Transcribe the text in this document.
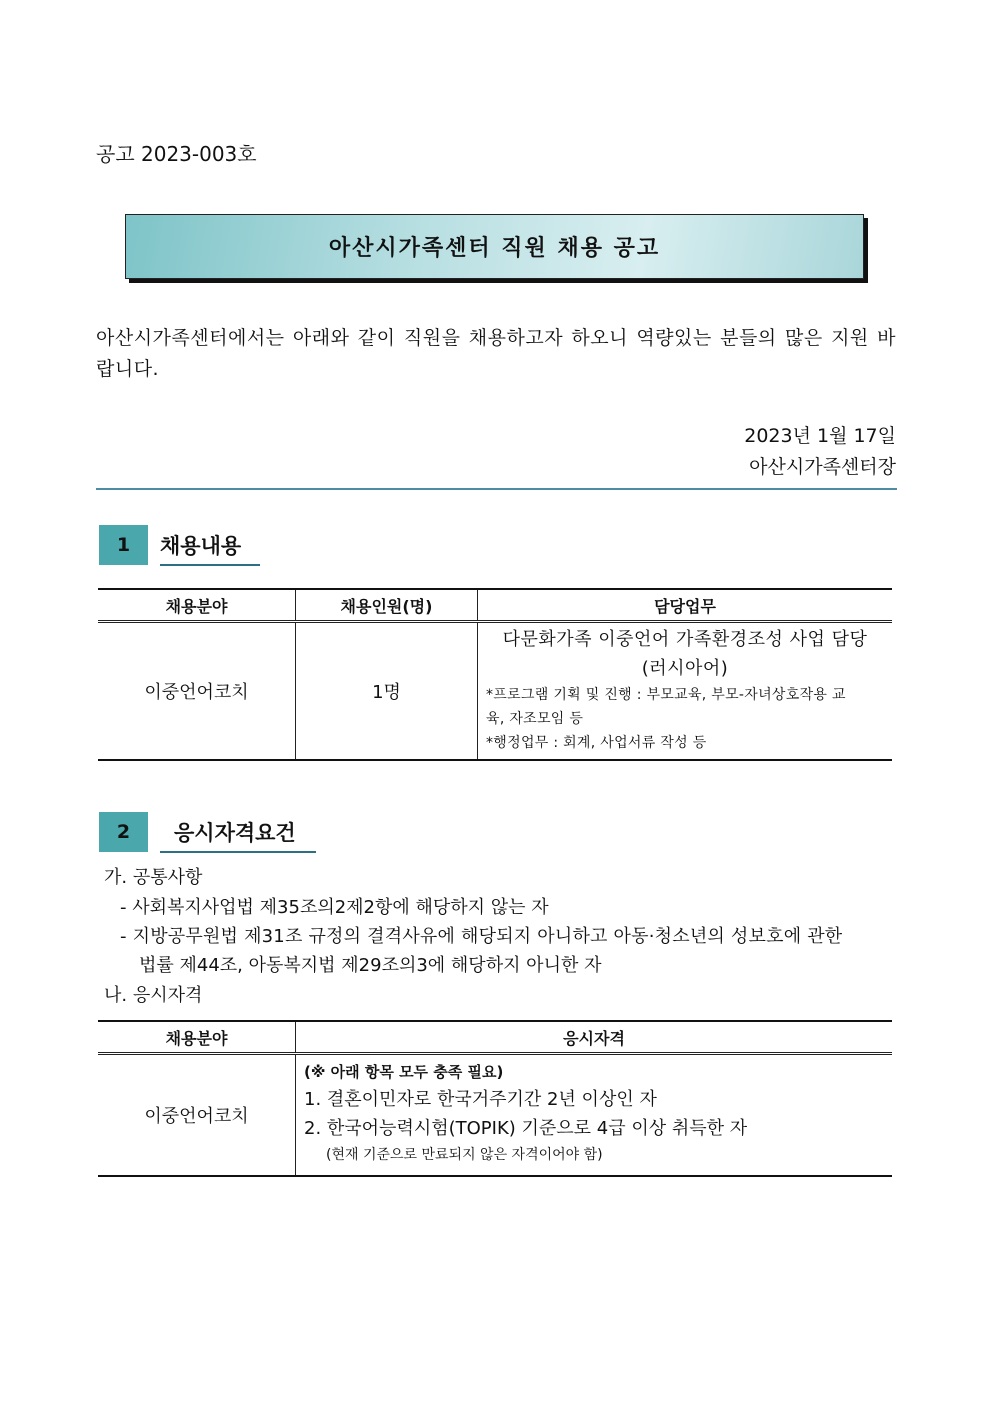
공고 2023-003호
아산시가족센터 직원 채용 공고
아산시가족센터에서는 아래와 같이 직원을 채용하고자 하오니 역량있는 분들의 많은 지원 바랍니다.
2023년 1월 17일
아산시가족센터장
1	채용내용
채용분야	채용인원(명)	담당업무
이중언어코치	1명	다문화가족 이중언어 가족환경조성 사업 담당
(러시아어)
*프로그램 기획 및 진행 : 부모교육, 부모-자녀상호작용 교
육, 자조모임 등
*행정업무 : 회계, 사업서류 작성 등
2	응시자격요건
가. 공통사항
- 사회복지사업법 제35조의2제2항에 해당하지 않는 자
- 지방공무원법 제31조 규정의 결격사유에 해당되지 아니하고 아동·청소년의 성보호에 관한
법률 제44조, 아동복지법 제29조의3에 해당하지 아니한 자
나. 응시자격
채용분야	응시자격
이중언어코치	(※ 아래 항목 모두 충족 필요)
1. 결혼이민자로 한국거주기간 2년 이상인 자
2. 한국어능력시험(TOPIK) 기준으로 4급 이상 취득한 자
(현재 기준으로 만료되지 않은 자격이어야 함)
